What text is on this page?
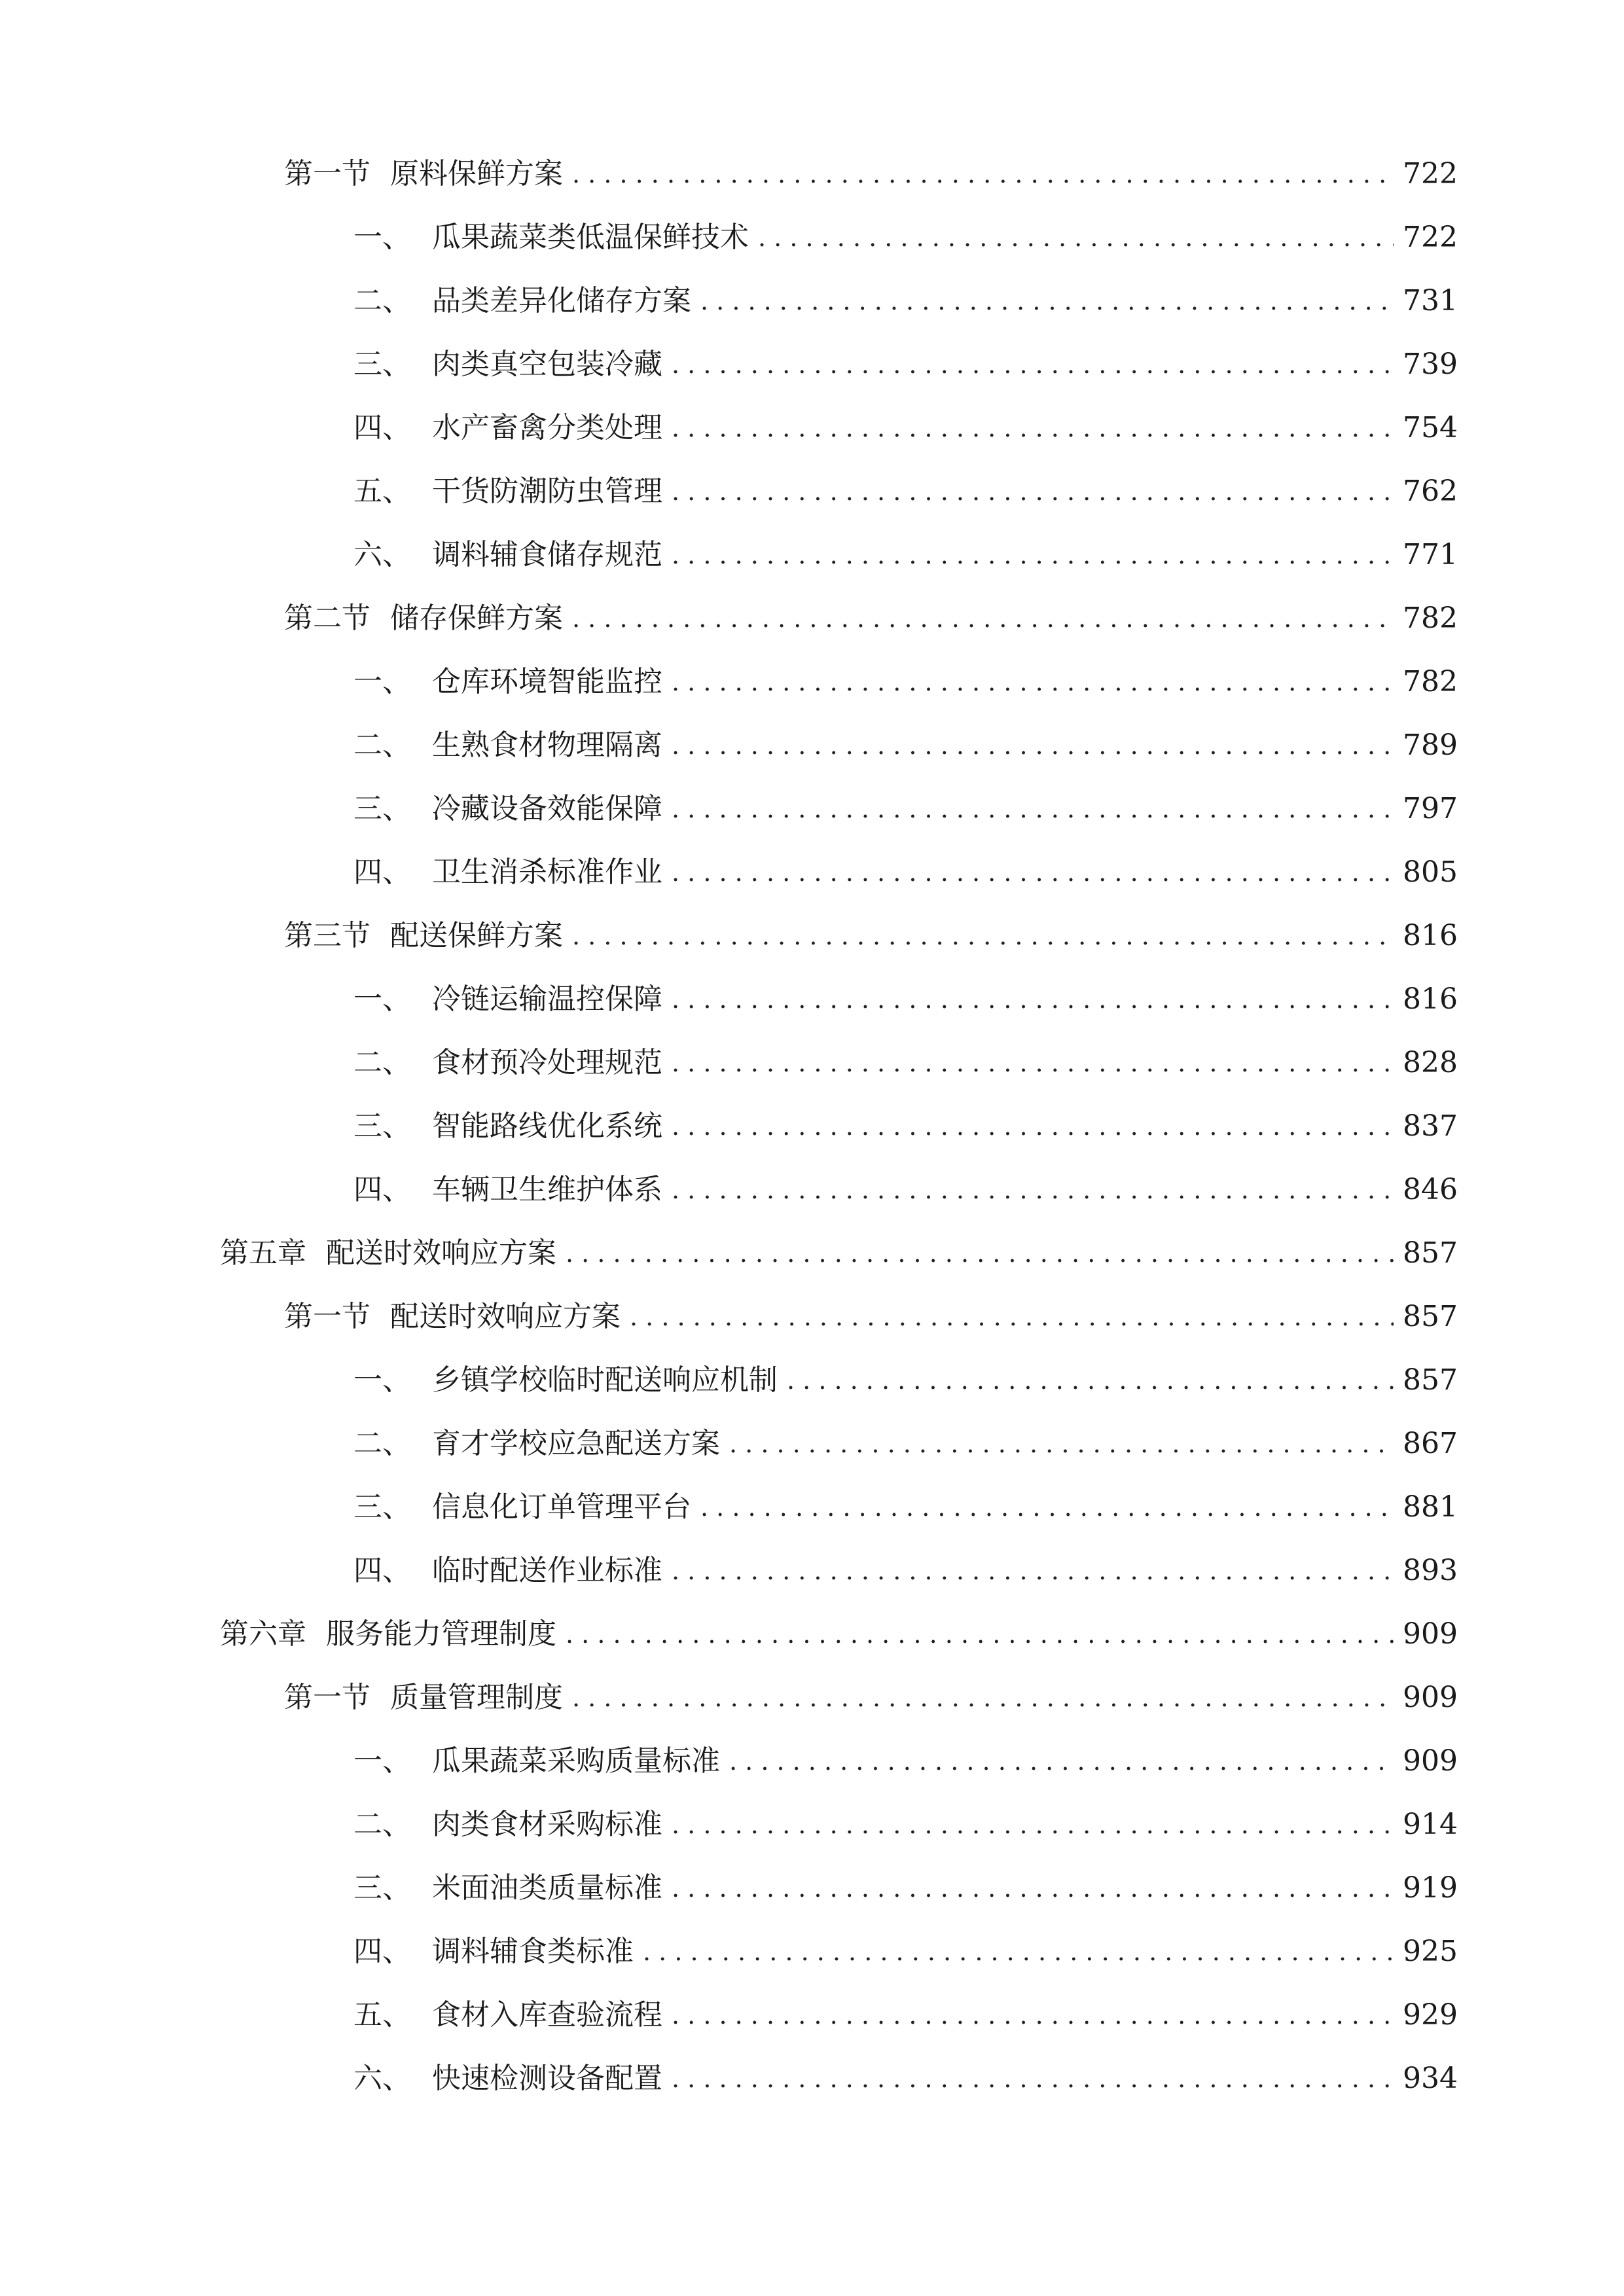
第一节 原料保鲜方案 . . .	722
一、 瓜果蔬菜类低温保鲜技术 . . .	722
二、 品类差异化储存方案 . . .	731
三、 肉类真空包装冷藏 . . .	739
四、 水产畜禽分类处理 . . .	754
五、 干货防潮防虫管理 . . .	762
六、 调料辅食储存规范 . . .	771
第二节 储存保鲜方案 . . .	782
一、 仓库环境智能监控 . . .	782
二、 生熟食材物理隔离 . . .	789
三、 冷藏设备效能保障 . . .	797
四、 卫生消杀标准作业 . . .	805
第三节 配送保鲜方案 . . .	816
一、 冷链运输温控保障 . . .	816
二、 食材预冷处理规范 . . .	828
三、 智能路线优化系统 . . .	837
四、 车辆卫生维护体系 . . .	846
第五章 配送时效响应方案 . . .	857
第一节 配送时效响应方案 . . .	857
一、 乡镇学校临时配送响应机制 . . .	857
二、 育才学校应急配送方案 . . .	867
三、 信息化订单管理平台 . . .	881
四、 临时配送作业标准 . . .	893
第六章 服务能力管理制度 . . .	909
第一节 质量管理制度 . . .	909
一、 瓜果蔬菜采购质量标准 . . .	909
二、 肉类食材采购标准 . . .	914
三、 米面油类质量标准 . . .	919
四、 调料辅食类标准 . . .	925
五、 食材入库查验流程 . . .	929
六、 快速检测设备配置 . . .	934
